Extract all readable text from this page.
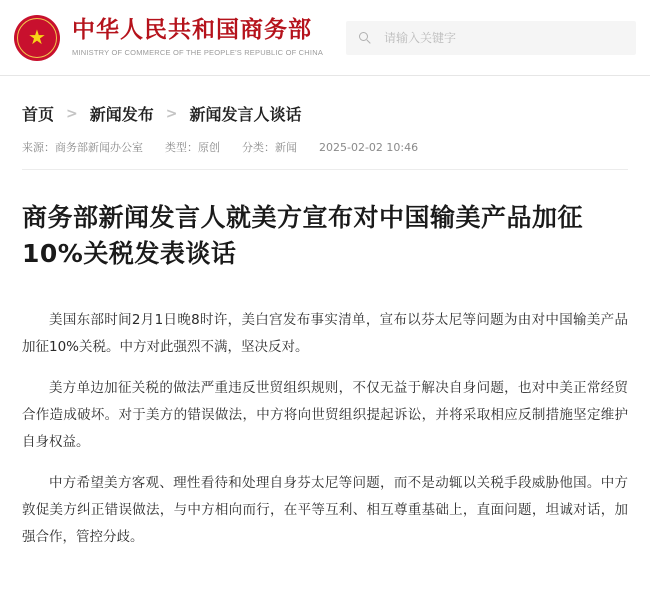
★ 中华人民共和国商务部
MINISTRY OF COMMERCE OF THE PEOPLE'S REPUBLIC OF CHINA
请输入关键字
首页 > 新闻发布 > 新闻发言人谈话
来源：商务部新闻办公室 类型：原创 分类：新闻 2025-02-02 10:46
商务部新闻发言人就美方宣布对中国输美产品加征10%关税发表谈话

美国东部时间2月1日晚8时许，美白宫发布事实清单，宣布以芬太尼等问题为由对中国输美产品加征10%关税。中方对此强烈不满，坚决反对。

美方单边加征关税的做法严重违反世贸组织规则，不仅无益于解决自身问题，也对中美正常经贸合作造成破坏。对于美方的错误做法，中方将向世贸组织提起诉讼，并将采取相应反制措施坚定维护自身权益。

中方希望美方客观、理性看待和处理自身芬太尼等问题，而不是动辄以关税手段威胁他国。中方敦促美方纠正错误做法，与中方相向而行，在平等互利、相互尊重基础上，直面问题，坦诚对话，加强合作，管控分歧。
